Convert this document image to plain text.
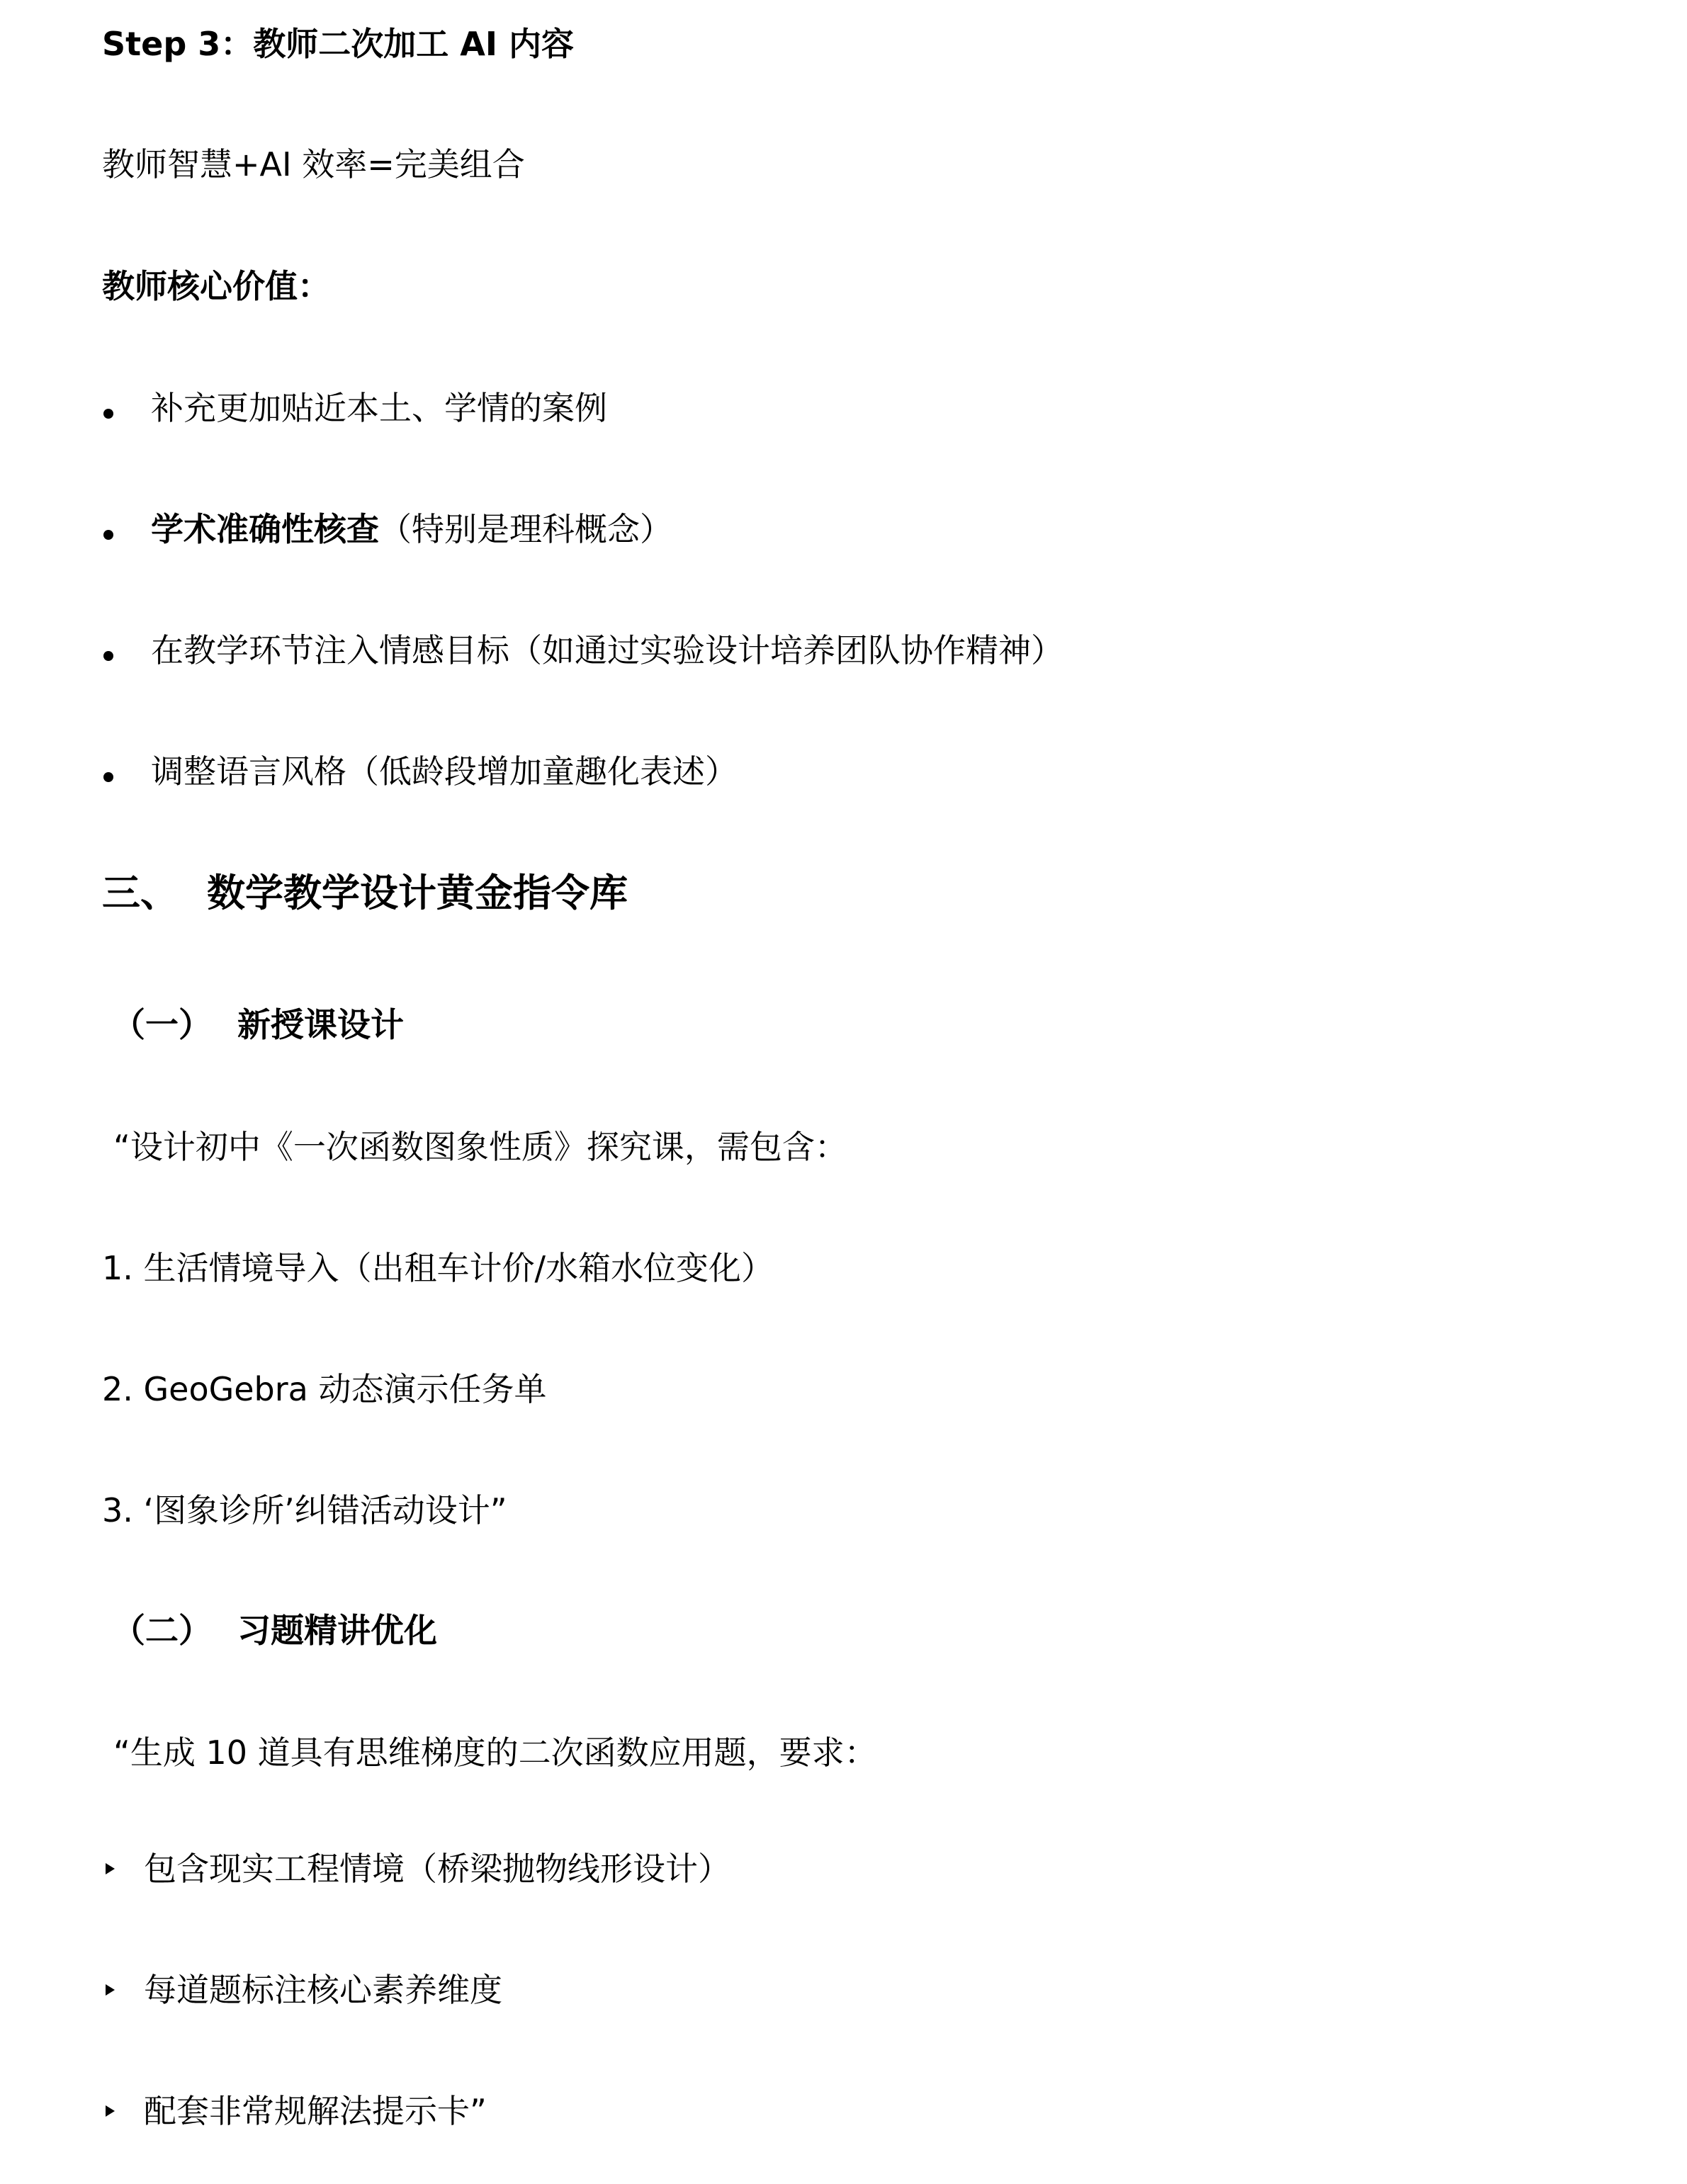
Step 3：教师二次加工 AI 内容
教师智慧+AI 效率=完美组合
教师核心价值：
补充更加贴近本土、学情的案例
学术准确性核查（特别是理科概念）
在教学环节注入情感目标（如通过实验设计培养团队协作精神）
调整语言风格（低龄段增加童趣化表述）
三、 数学教学设计黄金指令库
（一） 新授课设计
“设计初中《一次函数图象性质》探究课，需包含：
1. 生活情境导入（出租车计价/水箱水位变化）
2. GeoGebra 动态演示任务单
3. ‘图象诊所’纠错活动设计”
（二） 习题精讲优化
“生成 10 道具有思维梯度的二次函数应用题，要求：
包含现实工程情境（桥梁抛物线形设计）
每道题标注核心素养维度
配套非常规解法提示卡”
